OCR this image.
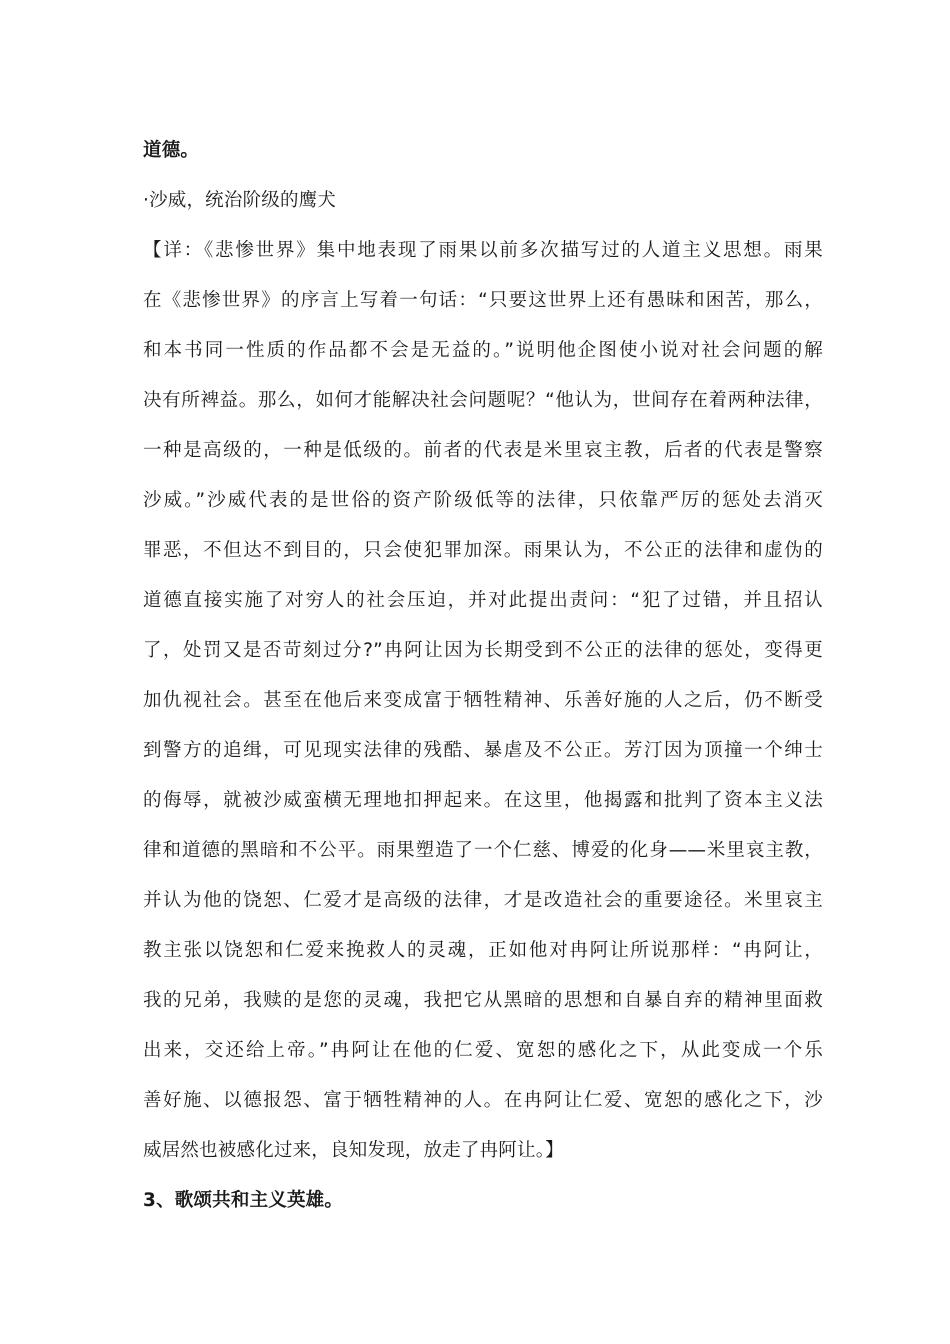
道德。
·沙威，统治阶级的鹰犬
【详：《悲惨世界》集中地表现了雨果以前多次描写过的人道主义思想。雨果
在《悲惨世界》的序言上写着一句话：“只要这世界上还有愚昧和困苦，那么，
和本书同一性质的作品都不会是无益的。”说明他企图使小说对社会问题的解
决有所裨益。那么，如何才能解决社会问题呢？“他认为，世间存在着两种法律，
一种是高级的，一种是低级的。前者的代表是米里哀主教，后者的代表是警察
沙威。”沙威代表的是世俗的资产阶级低等的法律，只依靠严厉的惩处去消灭
罪恶，不但达不到目的，只会使犯罪加深。雨果认为，不公正的法律和虚伪的
道德直接实施了对穷人的社会压迫，并对此提出责问：“犯了过错，并且招认
了，处罚又是否苛刻过分?”冉阿让因为长期受到不公正的法律的惩处，变得更
加仇视社会。甚至在他后来变成富于牺牲精神、乐善好施的人之后，仍不断受
到警方的追缉，可见现实法律的残酷、暴虐及不公正。芳汀因为顶撞一个绅士
的侮辱，就被沙威蛮横无理地扣押起来。在这里，他揭露和批判了资本主义法
律和道德的黑暗和不公平。雨果塑造了一个仁慈、博爱的化身——米里哀主教，
并认为他的饶恕、仁爱才是高级的法律，才是改造社会的重要途径。米里哀主
教主张以饶恕和仁爱来挽救人的灵魂，正如他对冉阿让所说那样：“冉阿让，
我的兄弟，我赎的是您的灵魂，我把它从黑暗的思想和自暴自弃的精神里面救
出来，交还给上帝。”冉阿让在他的仁爱、宽恕的感化之下，从此变成一个乐
善好施、以德报怨、富于牺牲精神的人。在冉阿让仁爱、宽恕的感化之下，沙
威居然也被感化过来，良知发现，放走了冉阿让。】
3、歌颂共和主义英雄。
